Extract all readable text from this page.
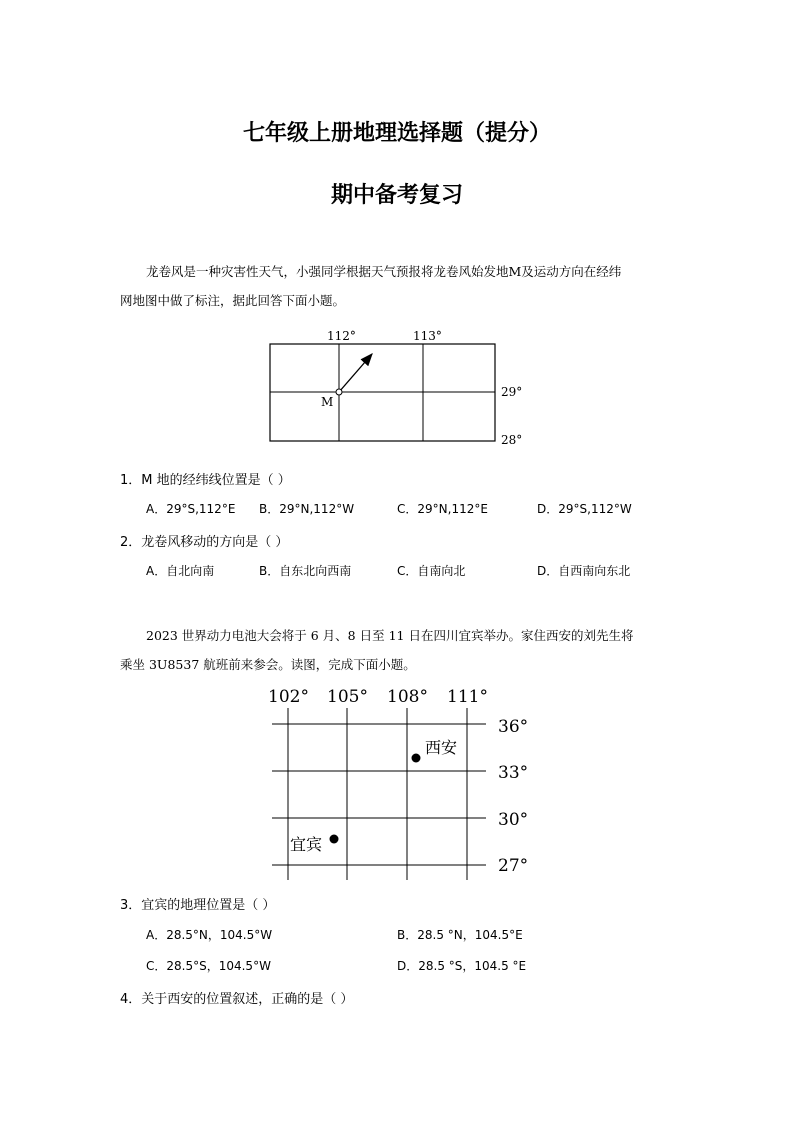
七年级上册地理选择题（提分）
期中备考复习
龙卷风是一种灾害性天气，小强同学根据天气预报将龙卷风始发地M及运动方向在经纬
网地图中做了标注，据此回答下面小题。
112°	113°
29°
28°
M
1．M 地的经纬线位置是（ ）
A．29°S,112°E B．29°N,112°W	C．29°N,112°E	D．29°S,112°W
2．龙卷风移动的方向是（ ）
A．自北向南	B．自东北向西南	C．自南向北	D．自西南向东北
2023 世界动力电池大会将于 6 月、8 日至 11 日在四川宜宾举办。家住西安的刘先生将
乘坐 3U8537 航班前来参会。读图，完成下面小题。
102° 105° 108° 111°
36°
33°
30°
27°
西安
宜宾
3．宜宾的地理位置是（ ）
A．28.5°N，104.5°W	B．28.5 °N，104.5°E
C．28.5°S，104.5°W	D．28.5 °S，104.5 °E
4．关于西安的位置叙述，正确的是（ ）
